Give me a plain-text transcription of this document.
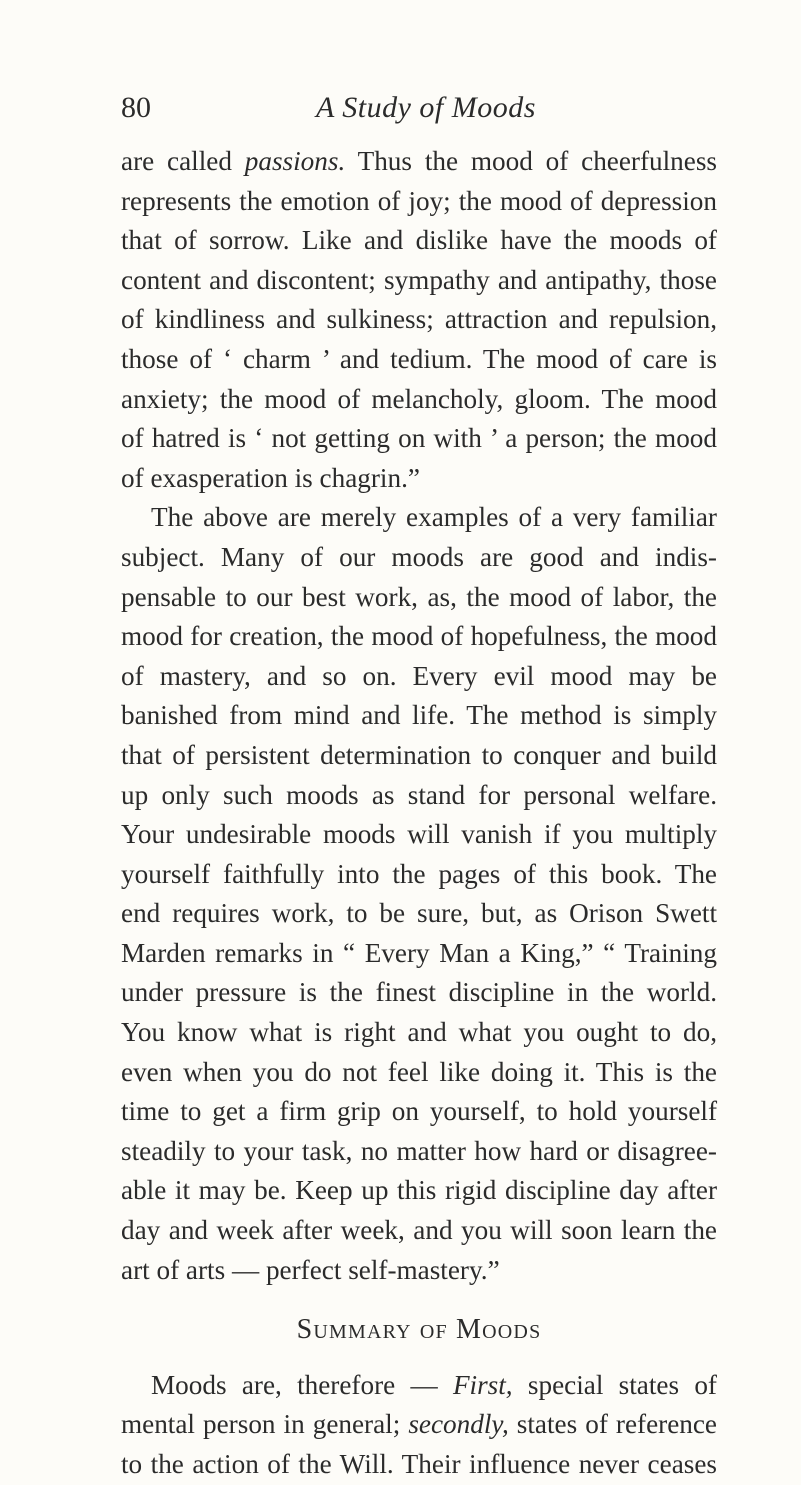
80	A Study of Moods
are called passions. Thus the mood of cheerfulness
represents the emotion of joy; the mood of depression
that of sorrow. Like and dislike have the moods of
content and discontent; sympathy and antipathy, those
of kindliness and sulkiness; attraction and repulsion,
those of ‘ charm ’ and tedium. The mood of care is
anxiety; the mood of melancholy, gloom. The mood
of hatred is ‘ not getting on with ’ a person; the mood
of exasperation is chagrin.”
The above are merely examples of a very familiar
subject. Many of our moods are good and indis-
pensable to our best work, as, the mood of labor, the
mood for creation, the mood of hopefulness, the mood
of mastery, and so on. Every evil mood may be
banished from mind and life. The method is simply
that of persistent determination to conquer and build
up only such moods as stand for personal welfare.
Your undesirable moods will vanish if you multiply
yourself faithfully into the pages of this book. The
end requires work, to be sure, but, as Orison Swett
Marden remarks in “ Every Man a King,” “ Training
under pressure is the finest discipline in the world.
You know what is right and what you ought to do,
even when you do not feel like doing it. This is the
time to get a firm grip on yourself, to hold yourself
steadily to your task, no matter how hard or disagree-
able it may be. Keep up this rigid discipline day after
day and week after week, and you will soon learn the
art of arts — perfect self-mastery.”
Summary of Moods
Moods are, therefore — First, special states of
mental person in general; secondly, states of reference
to the action of the Will. Their influence never ceases
